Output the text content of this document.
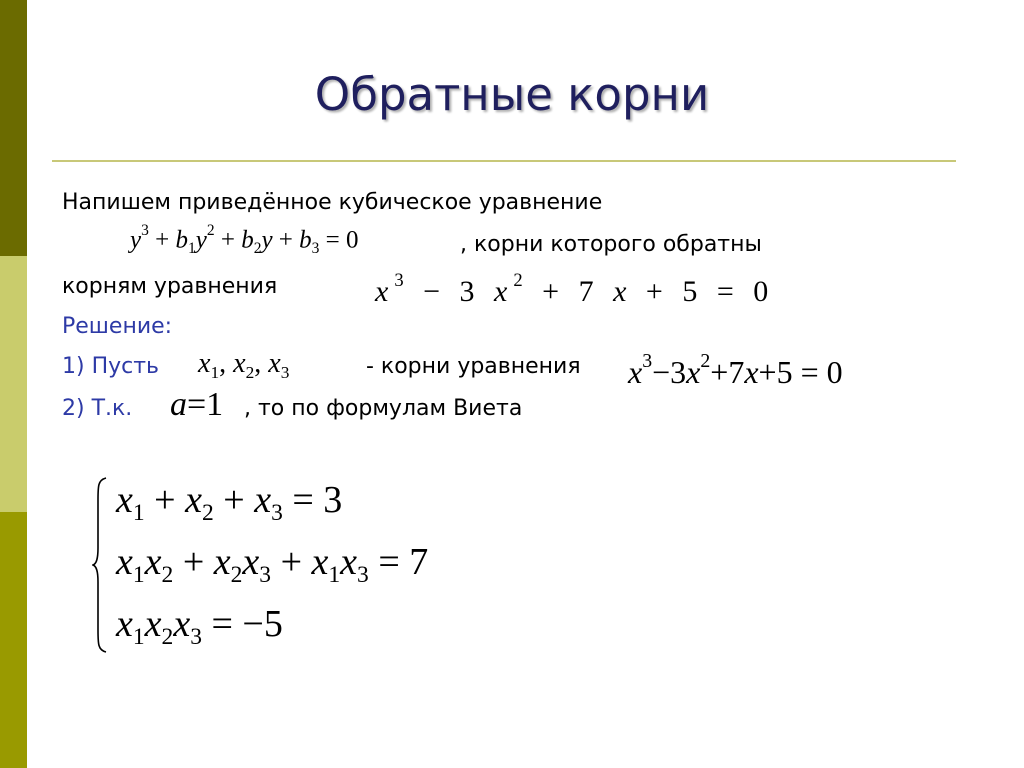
Обратные корни
Напишем приведённое кубическое уравнение
$y^3 + b_1y^2 + b_2y + b_3 = 0$	, корни которого обратны
корням уравнения	$x^3 - 3$ $x^2 + 7$ x + 5 = 0
Решение:
1) Пусть $x_1$, $x_2$, $x_3$	- корни уравнения $x^3-3x^2+7x+5 = 0$
2) Т.к. a=1 , то по формулам Виета
$x_1 + x_2 + x_3 = 3$
$x_1x_2 + x_2x_3 + x_1x_3 = 7$
$x_1x_2x_3 = -5$
